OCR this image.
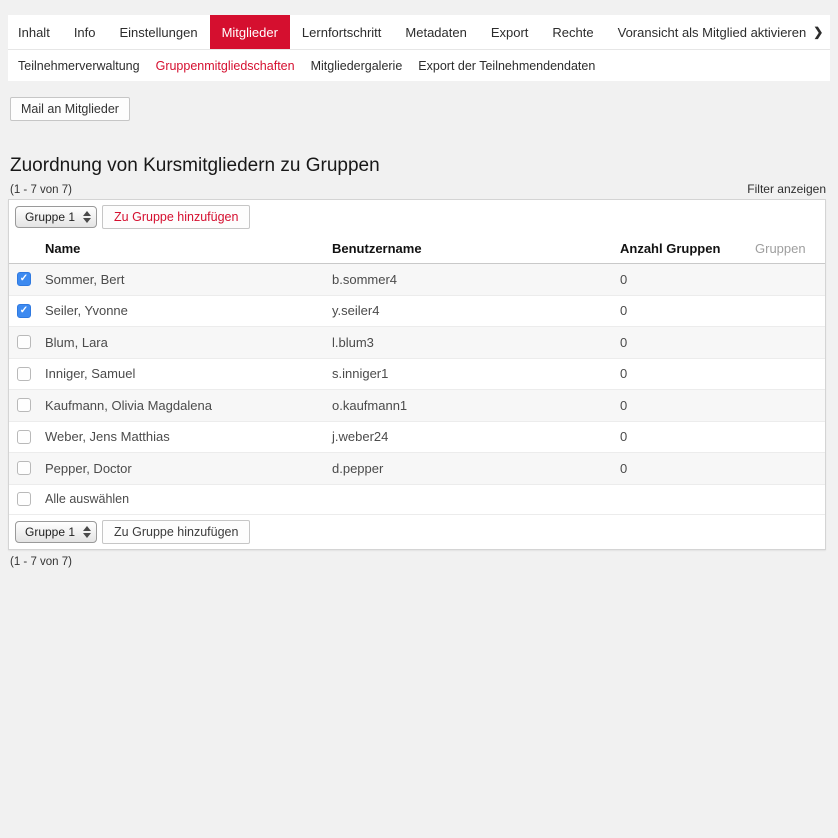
Inhalt Info Einstellungen Mitglieder Lernfortschritt Metadaten Export Rechte Voransicht als Mitglied aktivieren ❯
Teilnehmerverwaltung Gruppenmitgliedschaften Mitgliedergalerie Export der Teilnehmendendaten
Mail an Mitglieder
Zuordnung von Kursmitgliedern zu Gruppen
(1 - 7 von 7)	Filter anzeigen
Gruppe 1	Zu Gruppe hinzufügen
Name	Benutzername	Anzahl Gruppen	Gruppen
✓
Sommer, Bert	b.sommer4	0
✓
Seiler, Yvonne	y.seiler4	0
Blum, Lara	l.blum3	0
Inniger, Samuel	s.inniger1	0
Kaufmann, Olivia Magdalena	o.kaufmann1	0
Weber, Jens Matthias	j.weber24	0
Pepper, Doctor	d.pepper	0
Alle auswählen
Gruppe 1	Zu Gruppe hinzufügen
(1 - 7 von 7)
